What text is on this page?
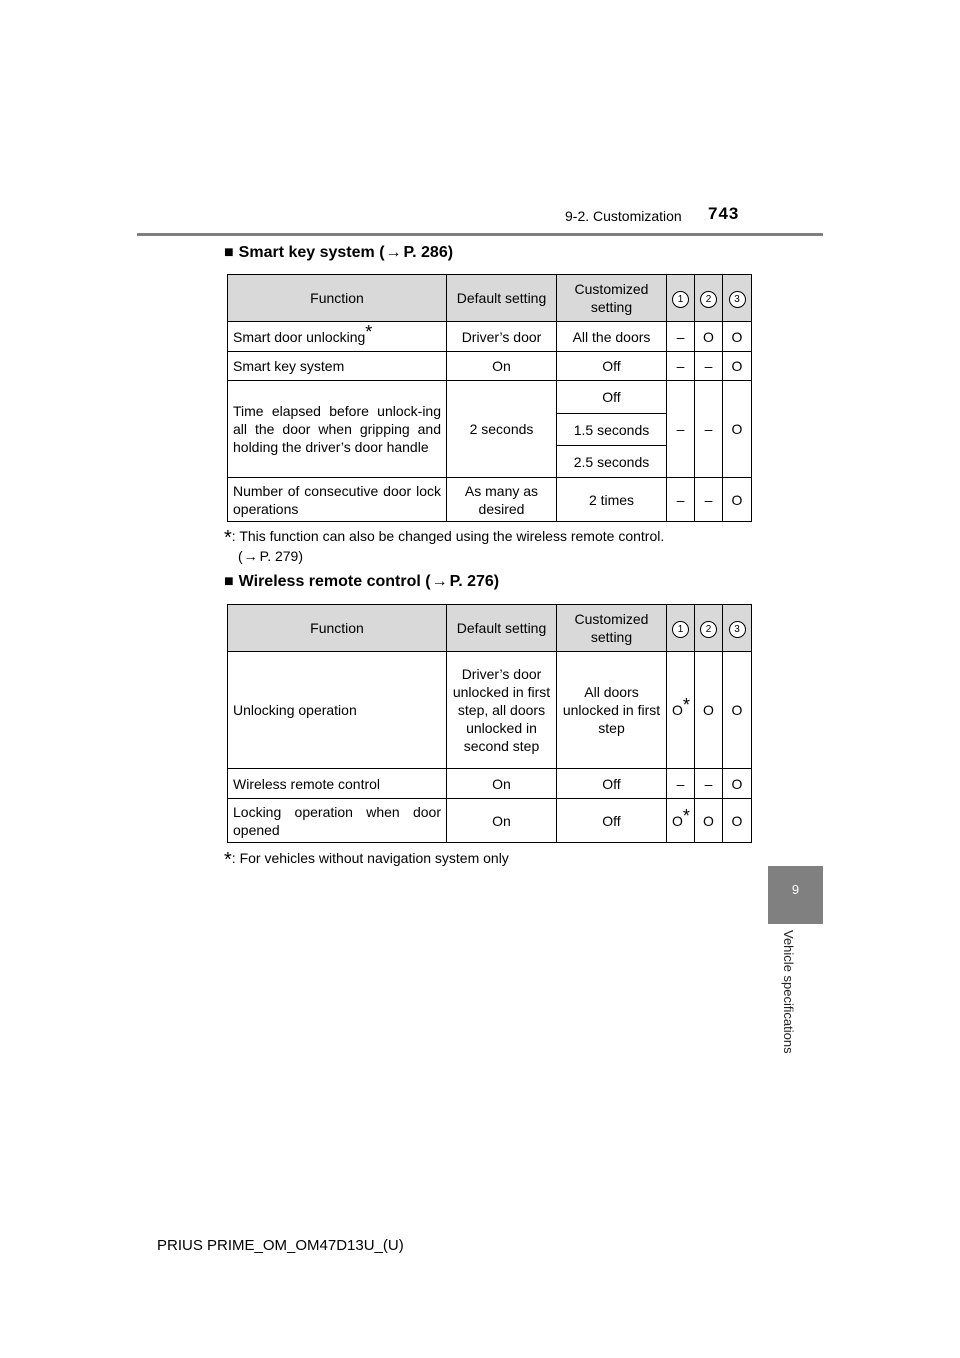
9-2. Customization 743
9
Vehicle specifications
■ Smart key system (→ P. 286)
Function	Default setting	Customized setting	1	2	3
Smart door unlocking*	Driver’s door	All the doors	–	O	O
Smart key system	On	Off	–	–	O
Time elapsed before unlock-ing all the door when gripping and holding the driver’s door handle	2 seconds	Off	–	–	O
		1.5 seconds			
		2.5 seconds			
Number of consecutive door lock operations	As many as desired	2 times	–	–	O
*: This function can also be changed using the wireless remote control.
(→ P. 279)
■ Wireless remote control (→ P. 276)
Function	Default setting	Customized setting	1	2	3
Unlocking operation	Driver’s door unlocked in first step, all doors unlocked in second step	All doors unlocked in first step	O*	O	O
Wireless remote control	On	Off	–	–	O
Locking operation when door opened	On	Off	O*	O	O
*: For vehicles without navigation system only
PRIUS PRIME_OM_OM47D13U_(U)
